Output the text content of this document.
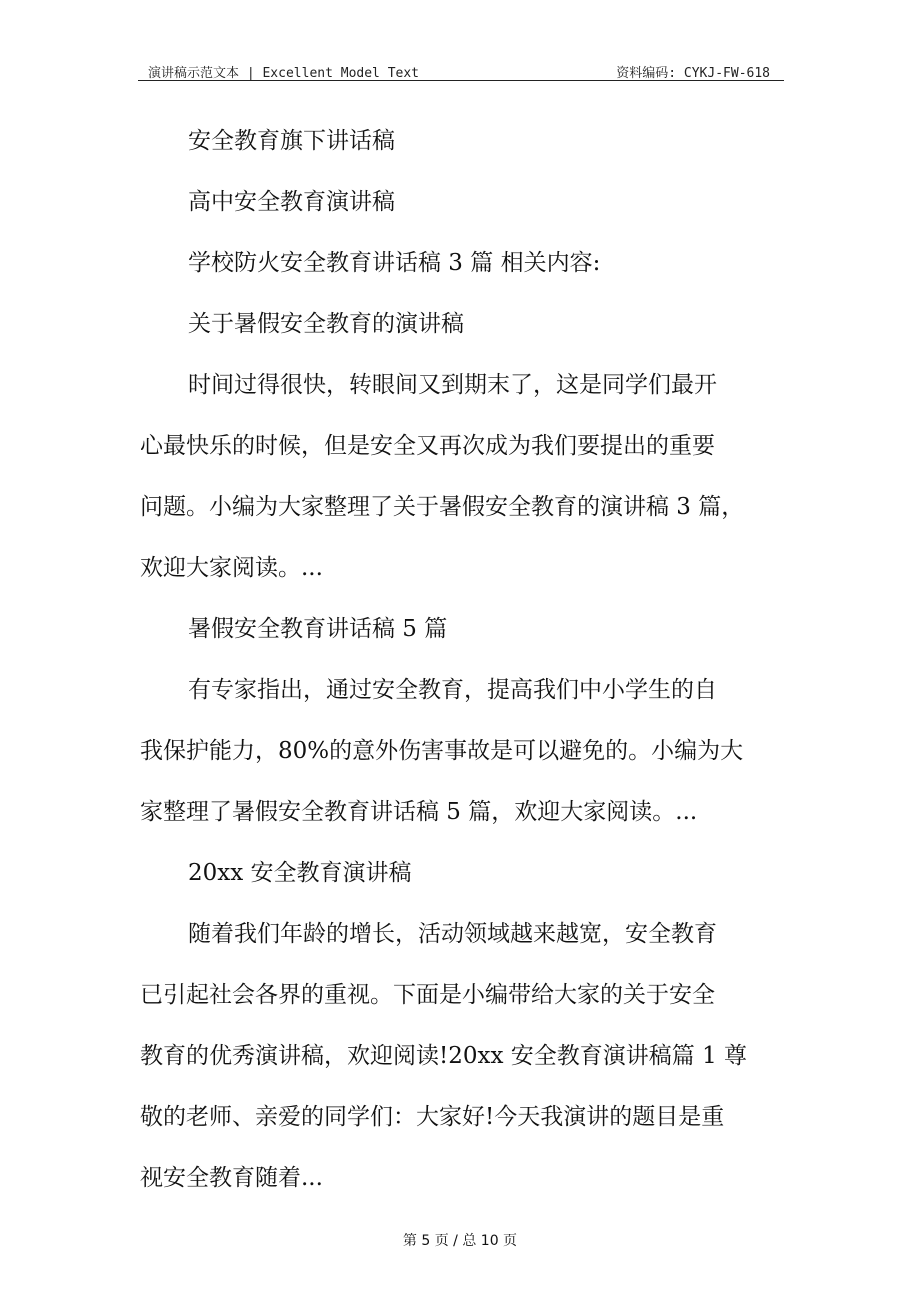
演讲稿示范文本 | Excellent Model Text	资料编码: CYKJ-FW-618

安全教育旗下讲话稿

高中安全教育演讲稿

学校防火安全教育讲话稿 3 篇 相关内容:

关于暑假安全教育的演讲稿

时间过得很快，转眼间又到期末了，这是同学们最开

心最快乐的时候，但是安全又再次成为我们要提出的重要

问题。小编为大家整理了关于暑假安全教育的演讲稿 3 篇，

欢迎大家阅读。...

暑假安全教育讲话稿 5 篇

有专家指出，通过安全教育，提高我们中小学生的自

我保护能力，80%的意外伤害事故是可以避免的。小编为大

家整理了暑假安全教育讲话稿 5 篇，欢迎大家阅读。...

20xx 安全教育演讲稿

随着我们年龄的增长，活动领域越来越宽，安全教育

已引起社会各界的重视。下面是小编带给大家的关于安全

教育的优秀演讲稿，欢迎阅读!20xx 安全教育演讲稿篇 1 尊

敬的老师、亲爱的同学们：大家好!今天我演讲的题目是重

视安全教育随着...

第 5 页 / 总 10 页
